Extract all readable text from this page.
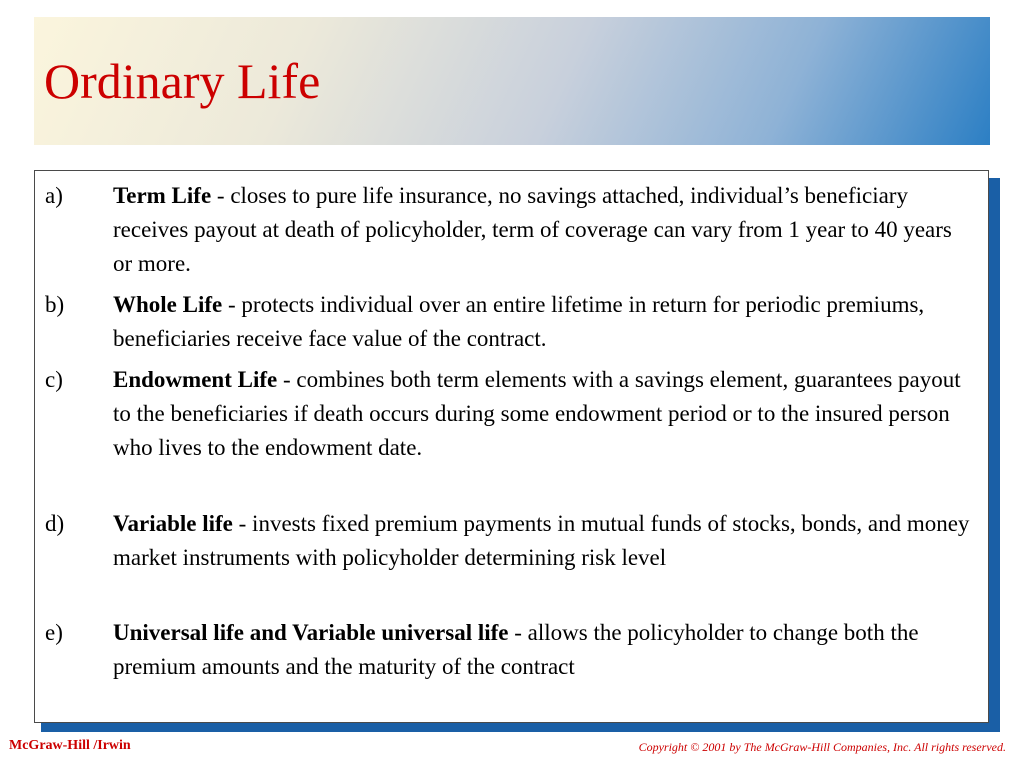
Ordinary Life
a) Term Life - closes to pure life insurance, no savings attached, individual’s beneficiary receives payout at death of policyholder, term of coverage can vary from 1 year to 40 years or more.
b) Whole Life - protects individual over an entire lifetime in return for periodic premiums, beneficiaries receive face value of the contract.
c) Endowment Life - combines both term elements with a savings element, guarantees payout to the beneficiaries if death occurs during some endowment period or to the insured person who lives to the endowment date.
d) Variable life - invests fixed premium payments in mutual funds of stocks, bonds, and money market instruments with policyholder determining risk level
e) Universal life and Variable universal life - allows the policyholder to change both the premium amounts and the maturity of the contract
McGraw-Hill /Irwin	Copyright © 2001 by The McGraw-Hill Companies, Inc. All rights reserved.
